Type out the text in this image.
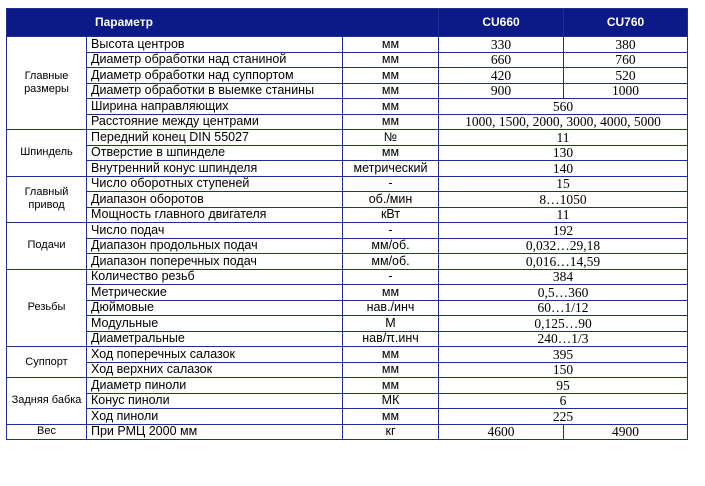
Параметр			CU660	CU760
Главные размеры	Высота центров	мм	330	380
	Диаметр обработки над станиной	мм	660	760
	Диаметр обработки над суппортом	мм	420	520
	Диаметр обработки в выемке станины	мм	900	1000
	Ширина направляющих	мм	560	
	Расстояние между центрами	мм	1000, 1500, 2000, 3000, 4000, 5000	
Шпиндель	Передний конец DIN 55027	№	11	
	Отверстие в шпинделе	мм	130	
	Внутренний конус шпинделя	метрический	140	
Главный привод	Число оборотных ступеней	-	15	
	Диапазон оборотов	об./мин	8…1050	
	Мощность главного двигателя	кВт	11	
Подачи	Число подач	-	192	
	Диапазон продольных подач	мм/об.	0,032…29,18	
	Диапазон поперечных подач	мм/об.	0,016…14,59	
Резьбы	Количество резьб	-	384	
	Метрические	мм	0,5…360	
	Дюймовые	нав./инч	60…1/12	
	Модульные	M	0,125…90	
	Диаметральные	нав/π.инч	240…1/3	
Суппорт	Ход поперечных салазок	мм	395	
	Ход верхних салазок	мм	150	
Задняя бабка	Диаметр пиноли	мм	95	
	Конус пиноли	МК	6	
	Ход пиноли	мм	225	
Вес	При РМЦ 2000 мм	кг	4600	4900
